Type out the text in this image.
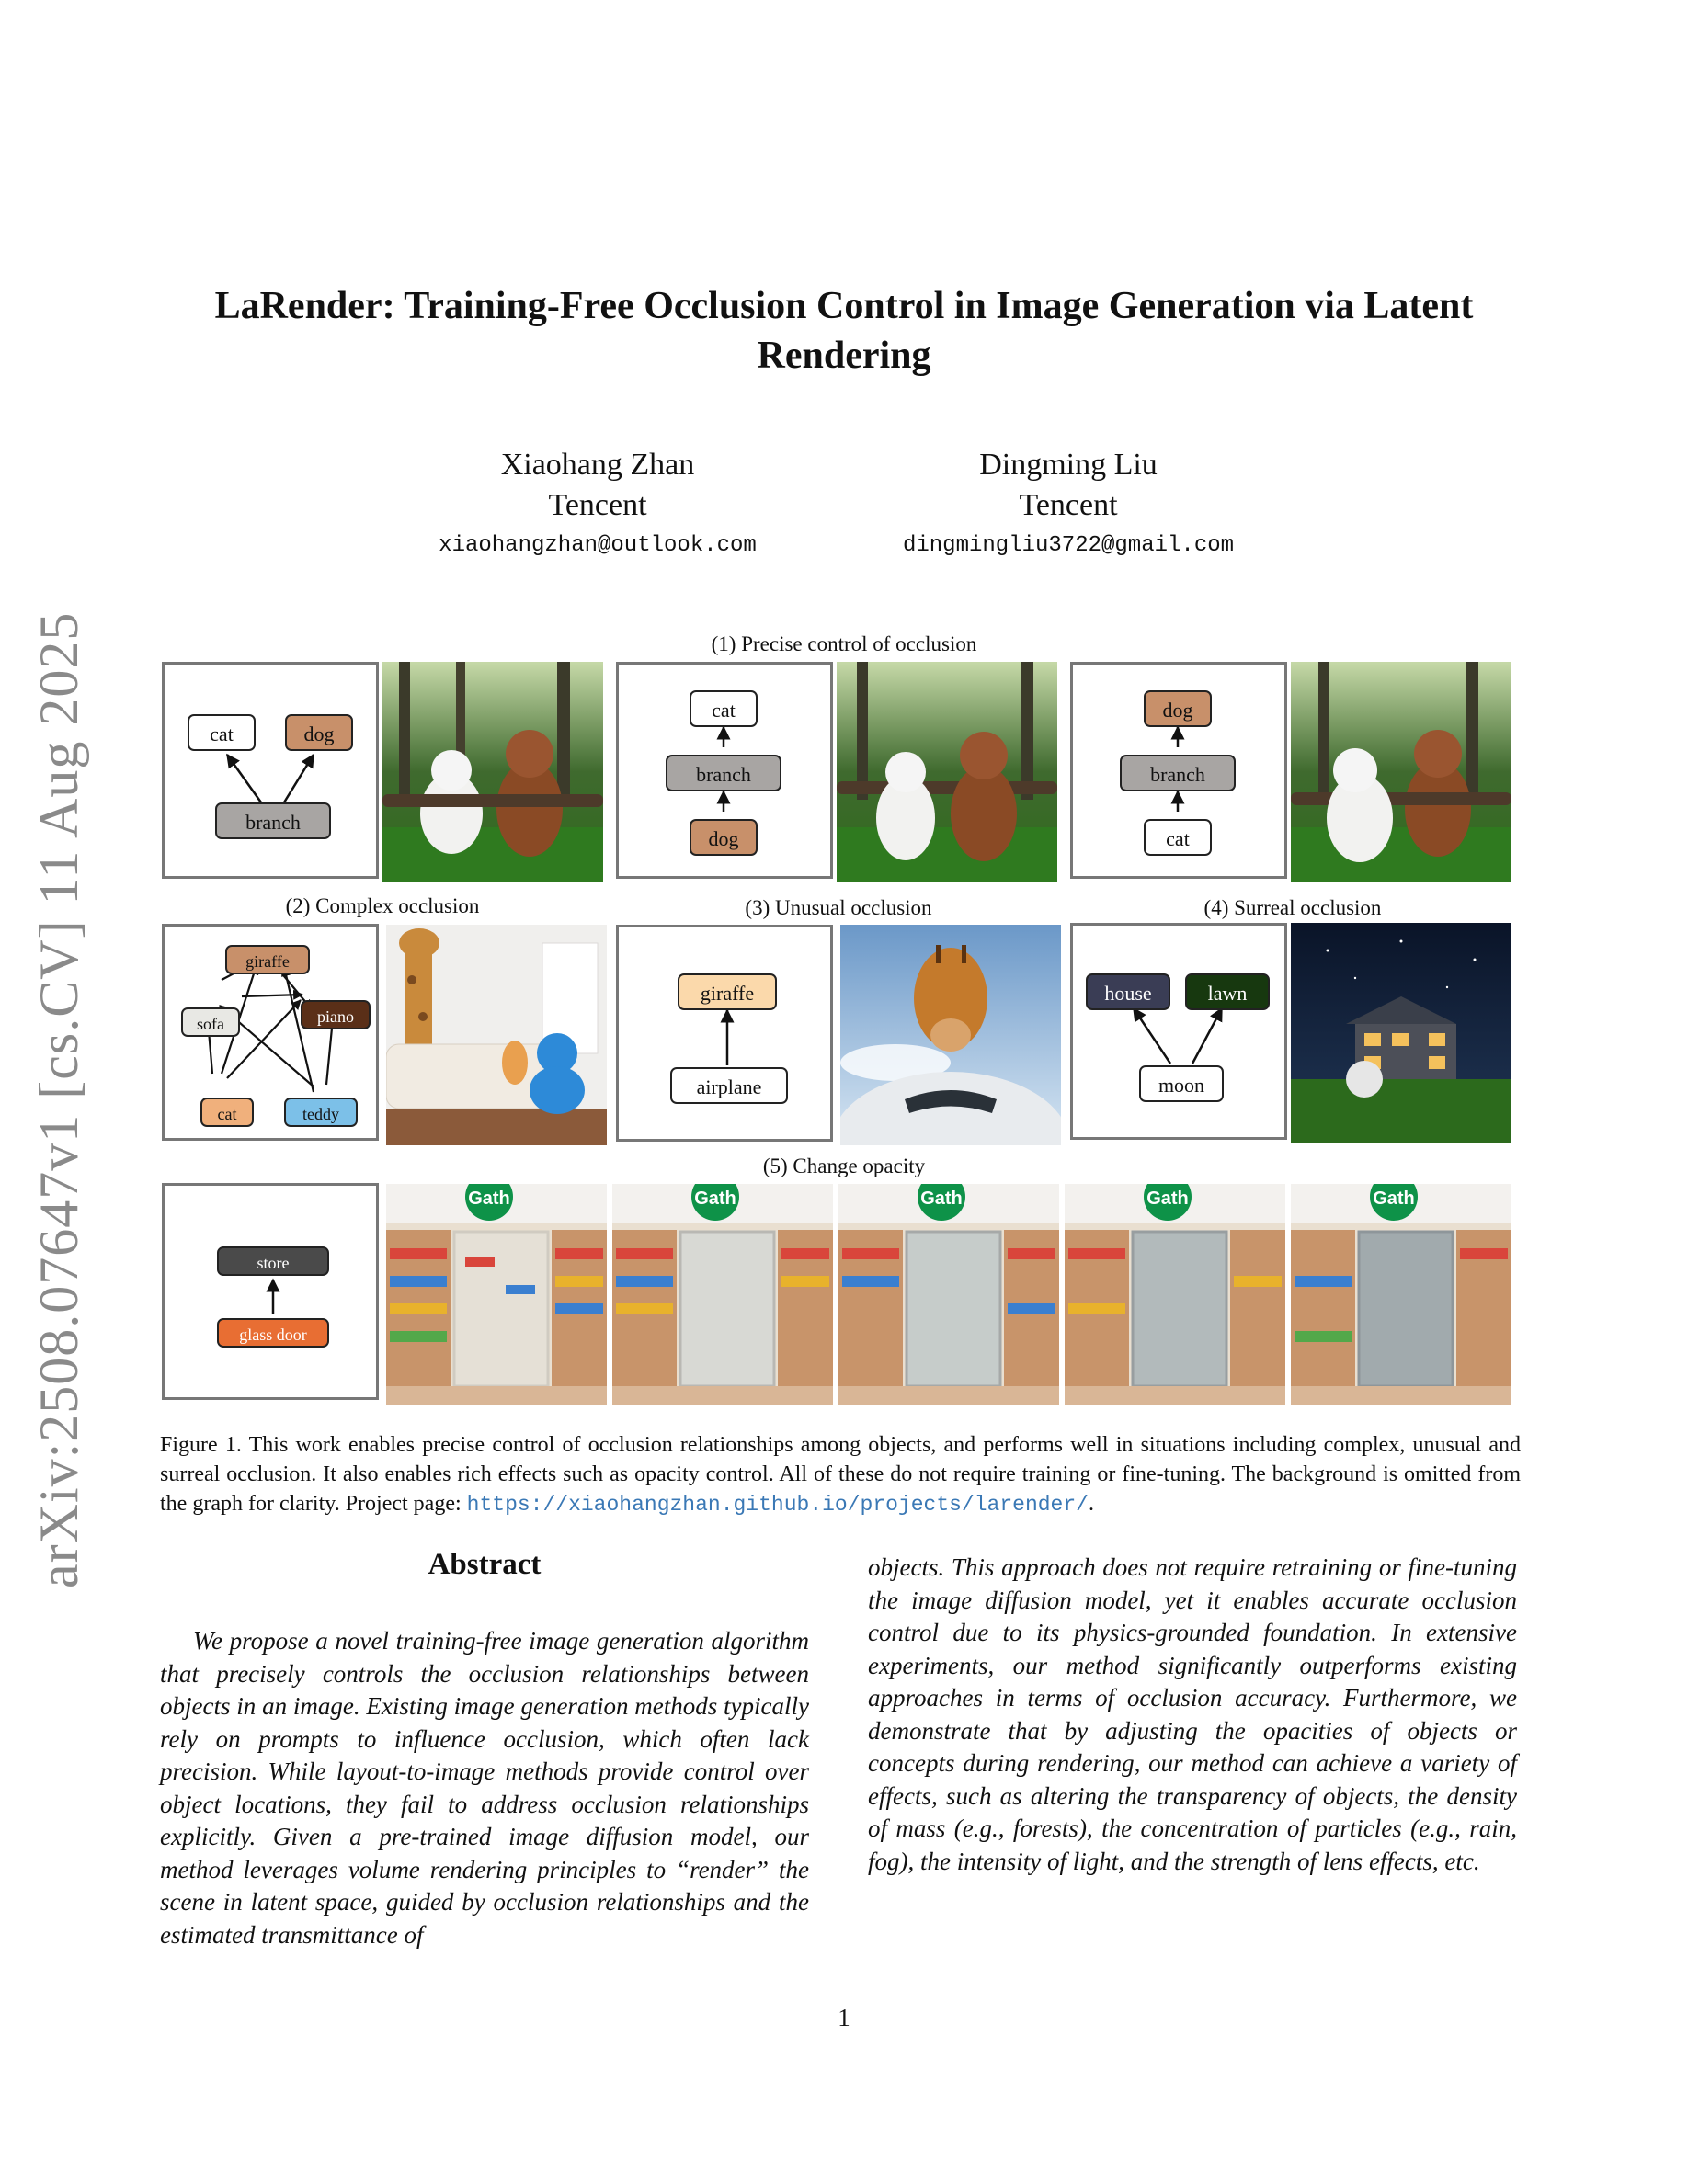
arXiv:2508.07647v1 [cs.CV] 11 Aug 2025
LaRender: Training-Free Occlusion Control in Image Generation via Latent Rendering
Xiaohang Zhan
Tencent
xiaohangzhan@outlook.com
Dingming Liu
Tencent
dingmingliu3722@gmail.com
(1) Precise control of occlusion
cat	dog
branch
cat
branch
dog
dog
branch
cat
(2) Complex occlusion	(3) Unusual occlusion	(4) Surreal occlusion
giraffe
sofa	piano
cat	teddy
giraffe
airplane
house	lawn
moon
(5) Change opacity
store
glass door
Gath	Gath	Gath	Gath	Gath
Figure 1. This work enables precise control of occlusion relationships among objects, and performs well in situations including complex, unusual and surreal occlusion. It also enables rich effects such as opacity control. All of these do not require training or fine-tuning. The background is omitted from the graph for clarity. Project page: https://xiaohangzhan.github.io/projects/larender/.
Abstract
We propose a novel training-free image generation algorithm that precisely controls the occlusion relationships between objects in an image. Existing image generation methods typically rely on prompts to influence occlusion, which often lack precision. While layout-to-image methods provide control over object locations, they fail to address occlusion relationships explicitly. Given a pre-trained image diffusion model, our method leverages volume rendering principles to “render” the scene in latent space, guided by occlusion relationships and the estimated transmittance of
objects. This approach does not require retraining or fine-tuning the image diffusion model, yet it enables accurate occlusion control due to its physics-grounded foundation. In extensive experiments, our method significantly outperforms existing approaches in terms of occlusion accuracy. Furthermore, we demonstrate that by adjusting the opacities of objects or concepts during rendering, our method can achieve a variety of effects, such as altering the transparency of objects, the density of mass (e.g., forests), the concentration of particles (e.g., rain, fog), the intensity of light, and the strength of lens effects, etc.
1
